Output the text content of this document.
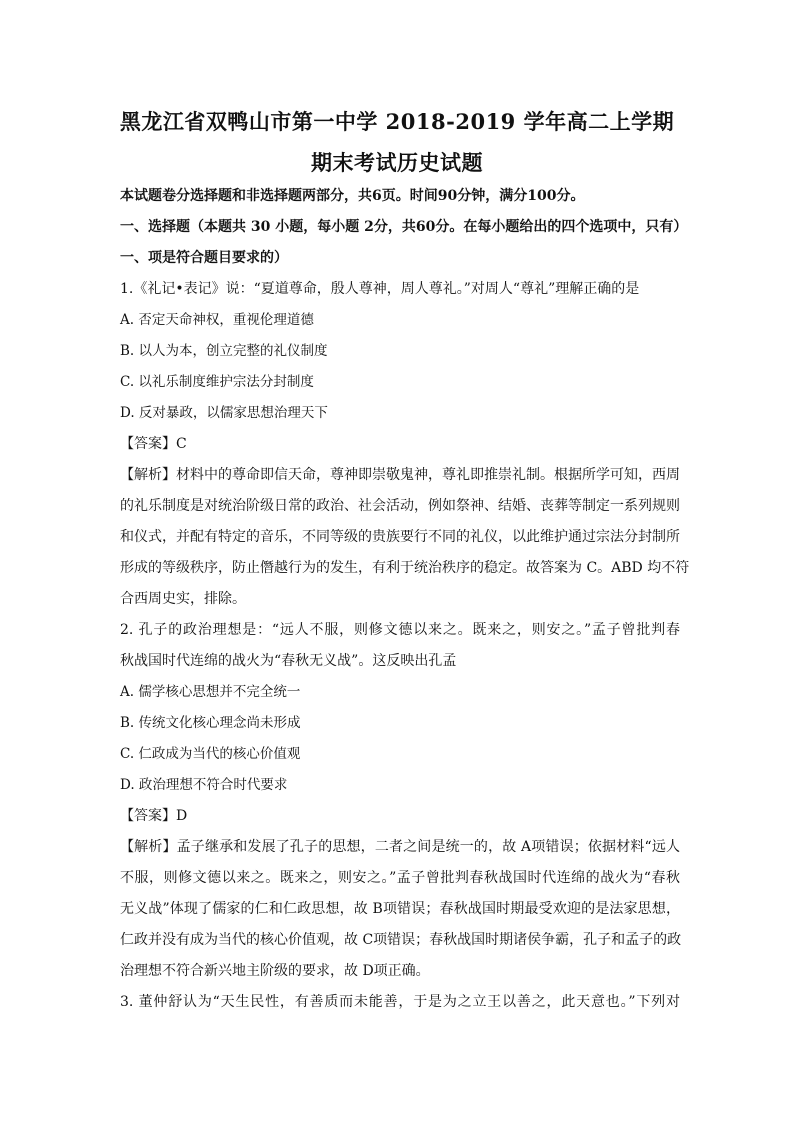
黑龙江省双鸭山市第一中学 2018-2019 学年高二上学期
期末考试历史试题
本试题卷分选择题和非选择题两部分，共6页。时间90分钟，满分100分。
一、选择题（本题共 30 小题，每小题 2分，共60分。在每小题给出的四个选项中，只有）
一、项是符合题目要求的）
1.《礼记•表记》说：“夏道尊命，殷人尊神，周人尊礼。”对周人“尊礼”理解正确的是
A. 否定天命神权，重视伦理道德
B. 以人为本，创立完整的礼仪制度
C. 以礼乐制度维护宗法分封制度
D. 反对暴政，以儒家思想治理天下
【答案】C
【解析】材料中的尊命即信天命，尊神即崇敬鬼神，尊礼即推崇礼制。根据所学可知，西周
的礼乐制度是对统治阶级日常的政治、社会活动，例如祭神、结婚、丧葬等制定一系列规则
和仪式，并配有特定的音乐，不同等级的贵族要行不同的礼仪，以此维护通过宗法分封制所
形成的等级秩序，防止僭越行为的发生，有利于统治秩序的稳定。故答案为 C。ABD 均不符
合西周史实，排除。
2. 孔子的政治理想是：“远人不服，则修文德以来之。既来之，则安之。”孟子曾批判春
秋战国时代连绵的战火为“春秋无义战”。这反映出孔孟
A. 儒学核心思想并不完全统一
B. 传统文化核心理念尚未形成
C. 仁政成为当代的核心价值观
D. 政治理想不符合时代要求
【答案】D
【解析】孟子继承和发展了孔子的思想，二者之间是统一的，故 A项错误；依据材料“远人
不服，则修文德以来之。既来之，则安之。”孟子曾批判春秋战国时代连绵的战火为“春秋
无义战”体现了儒家的仁和仁政思想，故 B项错误；春秋战国时期最受欢迎的是法家思想，
仁政并没有成为当代的核心价值观，故 C项错误；春秋战国时期诸侯争霸，孔子和孟子的政
治理想不符合新兴地主阶级的要求，故 D项正确。
3. 董仲舒认为“天生民性，有善质而未能善，于是为之立王以善之，此天意也。”下列对
